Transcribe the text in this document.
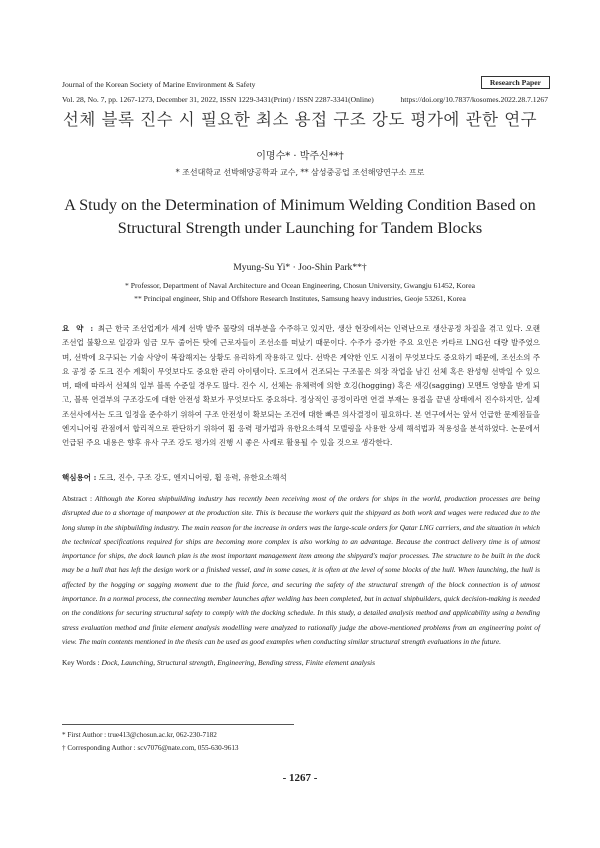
Journal of the Korean Society of Marine Environment & Safety	Research Paper
Vol. 28, No. 7, pp. 1267-1273, December 31, 2022, ISSN 1229-3431(Print) / ISSN 2287-3341(Online)	https://doi.org/10.7837/kosomes.2022.28.7.1267
선체 블록 진수 시 필요한 최소 용접 구조 강도 평가에 관한 연구
이명수* · 박주신**†
* 조선대학교 선박해양공학과 교수, ** 삼성중공업 조선해양연구소 프로
A Study on the Determination of Minimum Welding Condition Based on
Structural Strength under Launching for Tandem Blocks
Myung-Su Yi* · Joo-Shin Park**†
* Professor, Department of Naval Architecture and Ocean Engineering, Chosun University, Gwangju 61452, Korea
** Principal engineer, Ship and Offshore Research Institutes, Samsung heavy industries, Geoje 53261, Korea
요 약 : 최근 한국 조선업계가 세계 선박 발주 물량의 대부분을 수주하고 있지만, 생산 현장에서는 인력난으로 생산공정 차질을 겪고 있다. 오랜 조선업 불황으로 일감과 임금 모두 줄어든 탓에 근로자들이 조선소를 떠났기 때문이다. 수주가 증가한 주요 요인은 카타르 LNG선 대량 발주였으며, 선박에 요구되는 기술 사양이 복잡해지는 상황도 유리하게 작용하고 있다. 선박은 계약한 인도 시점이 무엇보다도 중요하기 때문에, 조선소의 주요 공정 중 도크 진수 계획이 무엇보다도 중요한 관리 아이템이다. 도크에서 건조되는 구조물은 의장 작업을 남긴 선체 혹은 완성형 선박일 수 있으며, 때에 따라서 선체의 일부 블록 수준일 경우도 많다. 진수 시, 선체는 유체력에 의한 호깅(hogging) 혹은 새깅(sagging) 모멘트 영향을 받게 되고, 블록 연결부의 구조강도에 대한 안전성 확보가 무엇보다도 중요하다. 정상적인 공정이라면 연결 부재는 용접을 끝낸 상태에서 진수하지만, 실제 조선사에서는 도크 일정을 준수하기 위하여 구조 안전성이 확보되는 조건에 대한 빠른 의사결정이 필요하다. 본 연구에서는 앞서 언급한 문제점들을 엔지니어링 관점에서 합리적으로 판단하기 위하여 휨 응력 평가법과 유한요소해석 모델링을 사용한 상세 해석법과 적용성을 분석하였다. 논문에서 언급된 주요 내용은 향후 유사 구조 강도 평가의 진행 시 좋은 사례로 활용될 수 있을 것으로 생각한다.
핵심용어 : 도크, 진수, 구조 강도, 엔지니어링, 휨 응력, 유한요소해석
Abstract : Although the Korea shipbuilding industry has recently been receiving most of the orders for ships in the world, production processes are being disrupted due to a shortage of manpower at the production site. This is because the workers quit the shipyard as both work and wages were reduced due to the long slump in the shipbuilding industry. The main reason for the increase in orders was the large-scale orders for Qatar LNG carriers, and the situation in which the technical specifications required for ships are becoming more complex is also working to an advantage. Because the contract delivery time is of utmost importance for ships, the dock launch plan is the most important management item among the shipyard's major processes. The structure to be built in the dock may be a hull that has left the design work or a finished vessel, and in some cases, it is often at the level of some blocks of the hull. When launching, the hull is affected by the hogging or sagging moment due to the fluid force, and securing the safety of the structural strength of the block connection is of utmost importance. In a normal process, the connecting member launches after welding has been completed, but in actual shipbuilders, quick decision-making is needed on the conditions for securing structural safety to comply with the docking schedule. In this study, a detailed analysis method and applicability using a bending stress evaluation method and finite element analysis modelling were analyzed to rationally judge the above-mentioned problems from an engineering point of view. The main contents mentioned in the thesis can be used as good examples when conducting similar structural strength evaluations in the future.
Key Words : Dock, Launching, Structural strength, Engineering, Bending stress, Finite element analysis
* First Author : true413@chosun.ac.kr, 062-230-7182
† Corresponding Author : scv7076@nate.com, 055-630-9613
- 1267 -
